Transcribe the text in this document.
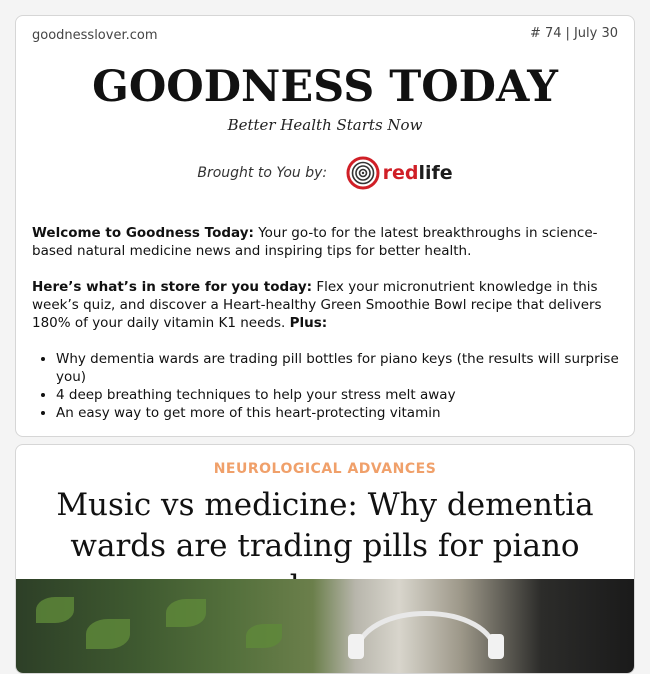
goodnesslover.com	# 74 | July 30
GOODNESS TODAY
Better Health Starts Now
Brought to You by:	red life

Welcome to Goodness Today: Your go-to for the latest breakthroughs in science-based natural medicine news and inspiring tips for better health.

Here’s what’s in store for you today: Flex your micronutrient knowledge in this week’s quiz, and discover a Heart-healthy Green Smoothie Bowl recipe that delivers 180% of your daily vitamin K1 needs. Plus:

• Why dementia wards are trading pill bottles for piano keys (the results will surprise you)
• 4 deep breathing techniques to help your stress melt away
• An easy way to get more of this heart-protecting vitamin
NEUROLOGICAL ADVANCES
Music vs medicine: Why dementia wards are trading pills for piano
